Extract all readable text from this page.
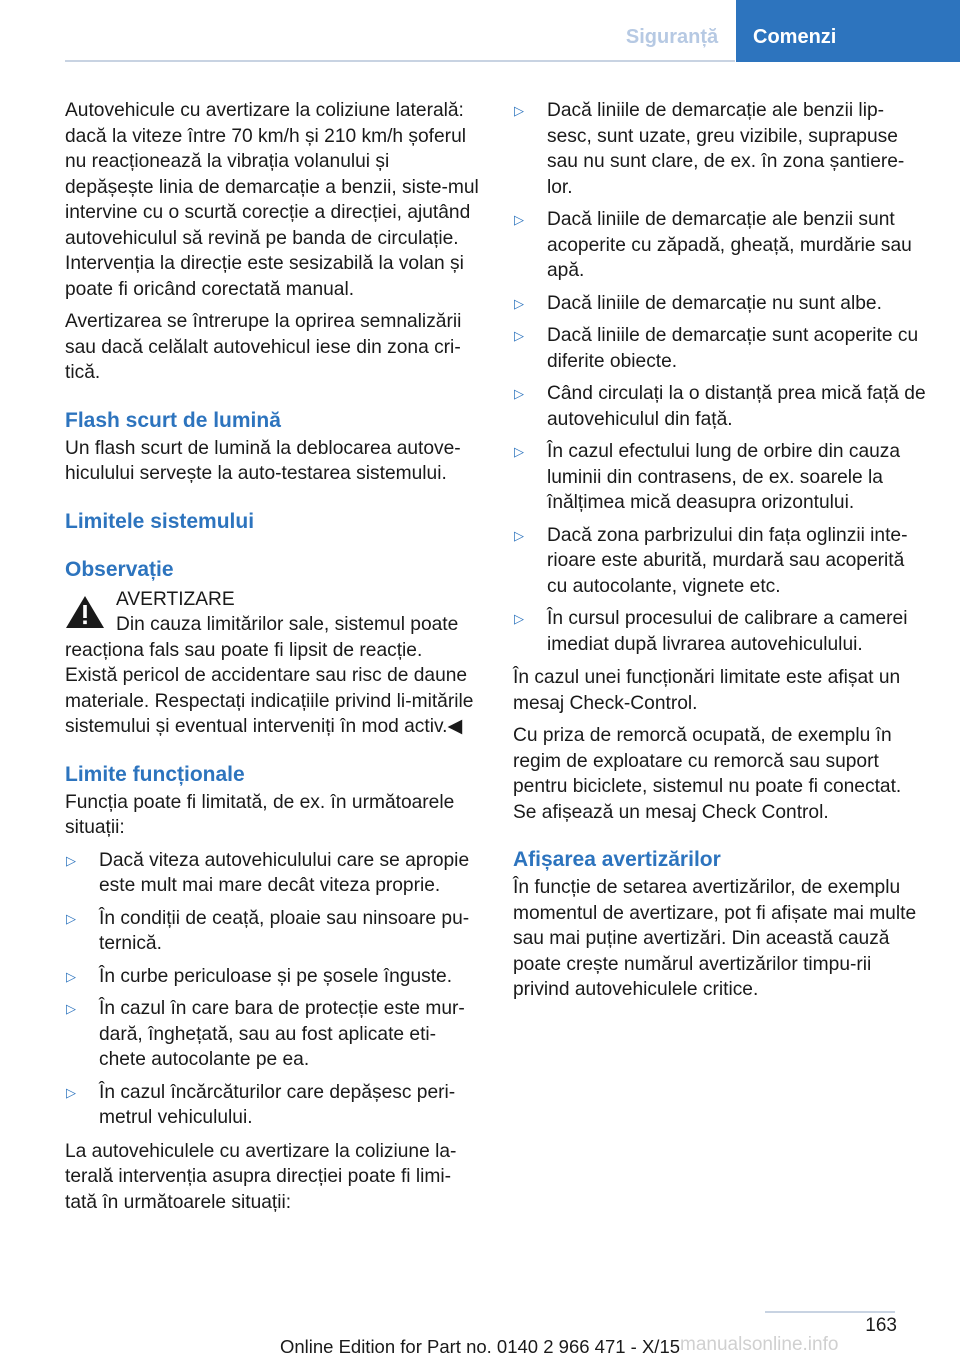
Siguranță	Comenzi

Autovehicule cu avertizare la coliziune laterală: dacă la viteze între 70 km/h și 210 km/h șoferul nu reacționează la vibrația volanului și depășește linia de demarcație a benzii, siste‐mul intervine cu o scurtă corecție a direcției, ajutând autovehiculul să revină pe banda de circulație. Intervenția la direcție este sesizabilă la volan și poate fi oricând corectată manual.

Avertizarea se întrerupe la oprirea semnalizării sau dacă celălalt autovehicul iese din zona cri‐tică.

Flash scurt de lumină

Un flash scurt de lumină la deblocarea autove‐hiculului servește la auto-testarea sistemului.

Limitele sistemului
Observație
AVERTIZARE
Din cauza limitărilor sale, sistemul poate reacționa fals sau poate fi lipsit de reacție. Există pericol de accidentare sau risc de daune materiale. Respectați indicațiile privind li‐mitările sistemului și eventual interveniți în mod activ.◀
Limite funcționale

Funcția poate fi limitată, de ex. în următoarele situații:

▷ Dacă viteza autovehiculului care se apropie este mult mai mare decât viteza proprie.
▷ În condiții de ceață, ploaie sau ninsoare pu‐ternică.
▷ În curbe periculoase și pe șosele înguste.
▷ În cazul în care bara de protecție este mur‐dară, înghețată, sau au fost aplicate eti‐chete autocolante pe ea.
▷ În cazul încărcăturilor care depășesc peri‐metrul vehiculului.

La autovehiculele cu avertizare la coliziune la‐terală intervenția asupra direcției poate fi limi‐tată în următoarele situații:

▷ Dacă liniile de demarcație ale benzii lip‐sesc, sunt uzate, greu vizibile, suprapuse sau nu sunt clare, de ex. în zona șantiere‐lor.
▷ Dacă liniile de demarcație ale benzii sunt acoperite cu zăpadă, gheață, murdărie sau apă.
▷ Dacă liniile de demarcație nu sunt albe.
▷ Dacă liniile de demarcație sunt acoperite cu diferite obiecte.
▷ Când circulați la o distanță prea mică față de autovehiculul din față.
▷ În cazul efectului lung de orbire din cauza luminii din contrasens, de ex. soarele la înălțimea mică deasupra orizontului.
▷ Dacă zona parbrizului din fața oglinzii inte‐rioare este aburită, murdară sau acoperită cu autocolante, vignete etc.
▷ În cursul procesului de calibrare a camerei imediat după livrarea autovehiculului.

În cazul unei funcționări limitate este afișat un mesaj Check-Control.

Cu priza de remorcă ocupată, de exemplu în regim de exploatare cu remorcă sau suport pentru biciclete, sistemul nu poate fi conectat. Se afișează un mesaj Check Control.

Afișarea avertizărilor

În funcție de setarea avertizărilor, de exemplu momentul de avertizare, pot fi afișate mai multe sau mai puține avertizări. Din această cauză poate crește numărul avertizărilor timpu‐rii privind autovehiculele critice.

163
Online Edition for Part no. 0140 2 966 471 - X/15 manualsonline.info
